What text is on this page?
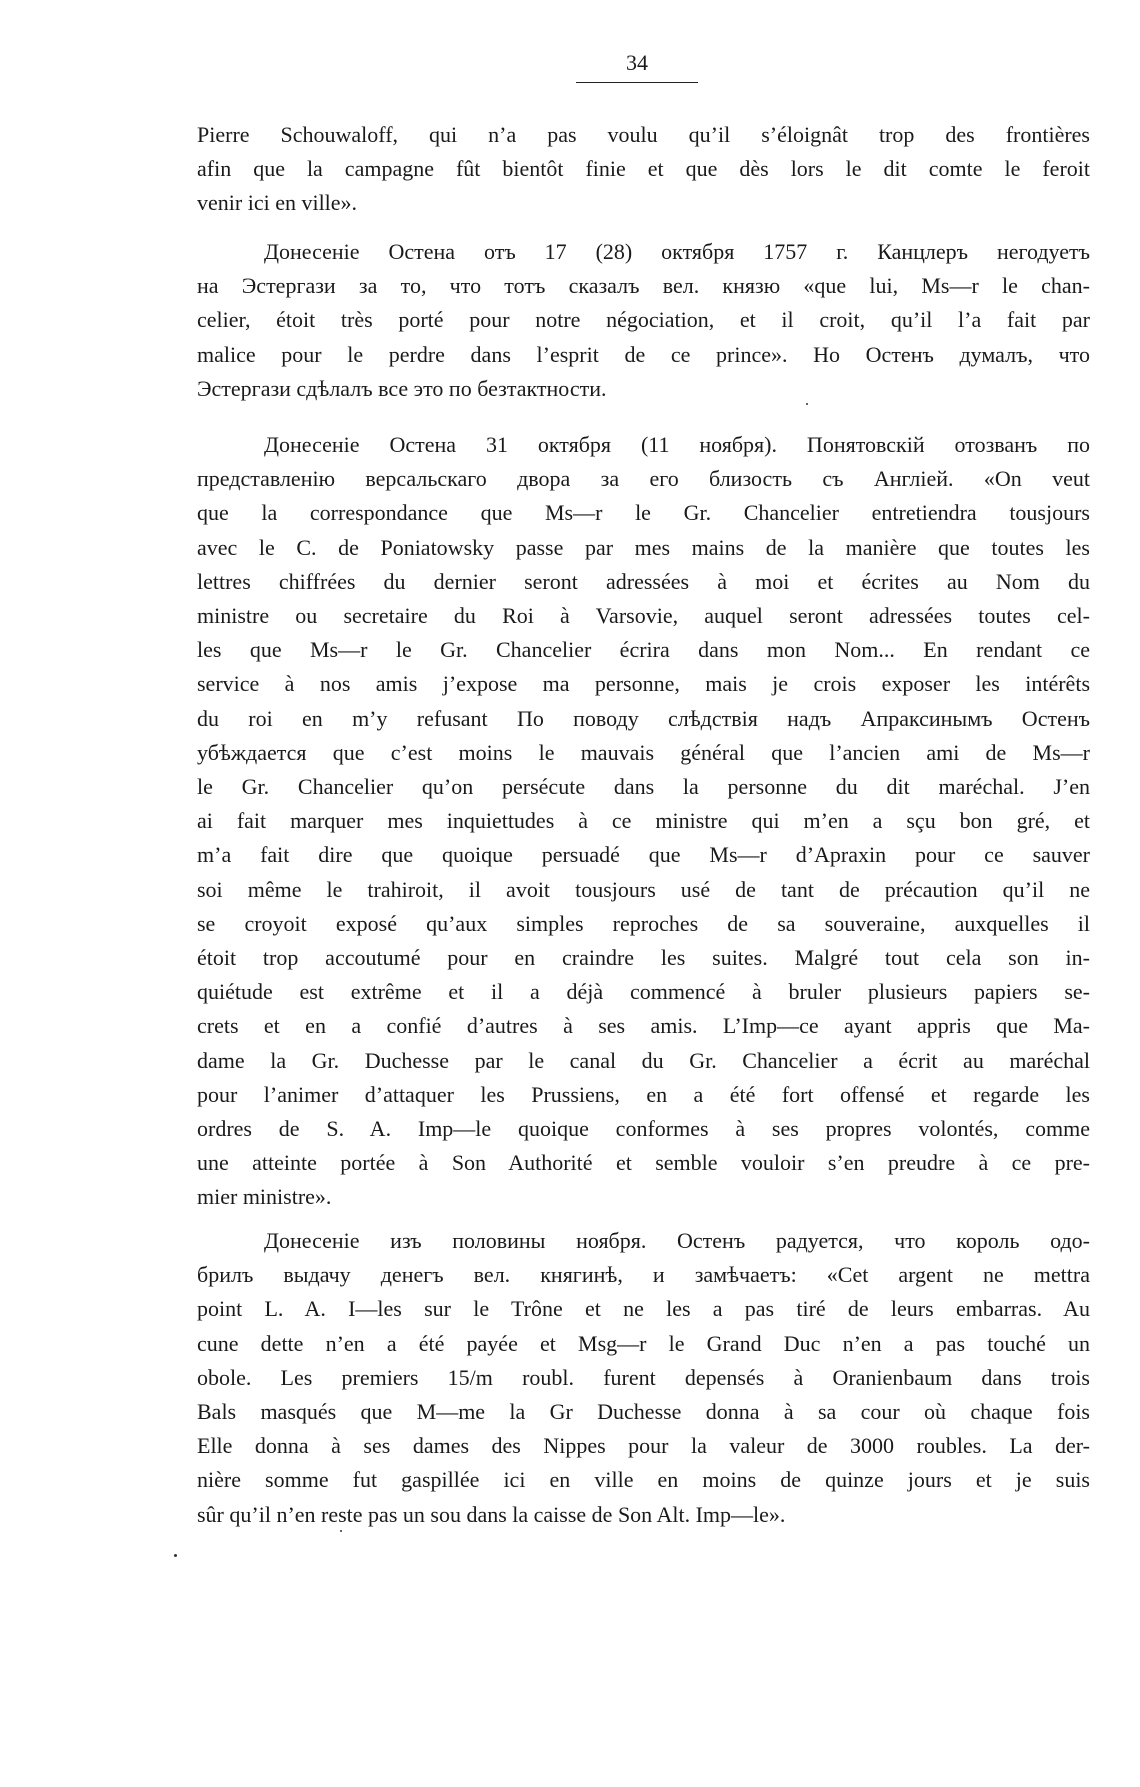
34
Pierre Schouwaloff, qui n’a pas voulu qu’il s’éloignât trop des frontières
afin que la campagne fût bientôt finie et que dès lors le dit comte le feroit
venir ici en ville».
Донесеніе Остена отъ 17 (28) октября 1757 г. Канцлеръ негодуетъ
на Эстергази за то, что тотъ сказалъ вел. князю «que lui, Ms—r le chan-
celier, étoit très porté pour notre négociation, et il croit, qu’il l’a fait par
malice pour le perdre dans l’esprit de ce prince». Но Остенъ думалъ, что
Эстергази сдѣлалъ все это по безтактности.
Донесеніе Остена 31 октября (11 ноября). Понятовскій отозванъ по
представленію версальскаго двора за его близость съ Англіей. «On veut
que la correspondance que Ms—r le Gr. Chancelier entretiendra tousjours
avec le C. de Poniatowsky passe par mes mains de la manière que toutes les
lettres chiffrées du dernier seront adressées à moi et écrites au Nom du
ministre ou secretaire du Roi à Varsovie, auquel seront adressées toutes cel-
les que Ms—r le Gr. Chancelier écrira dans mon Nom... En rendant ce
service à nos amis j’expose ma personne, mais je crois exposer les intérêts
du roi en m’y refusant По поводу слѣдствія надъ Апраксинымъ Остенъ
убѣждается que c’est moins le mauvais général que l’ancien ami de Ms—r
le Gr. Chancelier qu’on persécute dans la personne du dit maréchal. J’en
ai fait marquer mes inquiettudes à ce ministre qui m’en a sçu bon gré, et
m’a fait dire que quoique persuadé que Ms—r d’Apraxin pour ce sauver
soi même le trahiroit, il avoit tousjours usé de tant de précaution qu’il ne
se croyoit exposé qu’aux simples reproches de sa souveraine, auxquelles il
étoit trop accoutumé pour en craindre les suites. Malgré tout cela son in-
quiétude est extrême et il a déjà commencé à bruler plusieurs papiers se-
crets et en a confié d’autres à ses amis. L’Imp—ce ayant appris que Ma-
dame la Gr. Duchesse par le canal du Gr. Chancelier a écrit au maréchal
pour l’animer d’attaquer les Prussiens, en a été fort offensé et regarde les
ordres de S. A. Imp—le quoique conformes à ses propres volontés, comme
une atteinte portée à Son Authorité et semble vouloir s’en preudre à ce pre-
mier ministre».
Донесеніе изъ половины ноября. Остенъ радуется, что король одо-
брилъ выдачу денегъ вел. княгинѣ, и замѣчаетъ: «Cet argent ne mettra
point L. A. I—les sur le Trône et ne les a pas tiré de leurs embarras. Au
cune dette n’en a été payée et Msg—r le Grand Duc n’en a pas touché un
obole. Les premiers 15/m roubl. furent depensés à Oranienbaum dans trois
Bals masqués que M—me la Gr Duchesse donna à sa cour où chaque fois
Elle donna à ses dames des Nippes pour la valeur de 3000 roubles. La der-
nière somme fut gaspillée ici en ville en moins de quinze jours et je suis
sûr qu’il n’en reste pas un sou dans la caisse de Son Alt. Imp—le».
